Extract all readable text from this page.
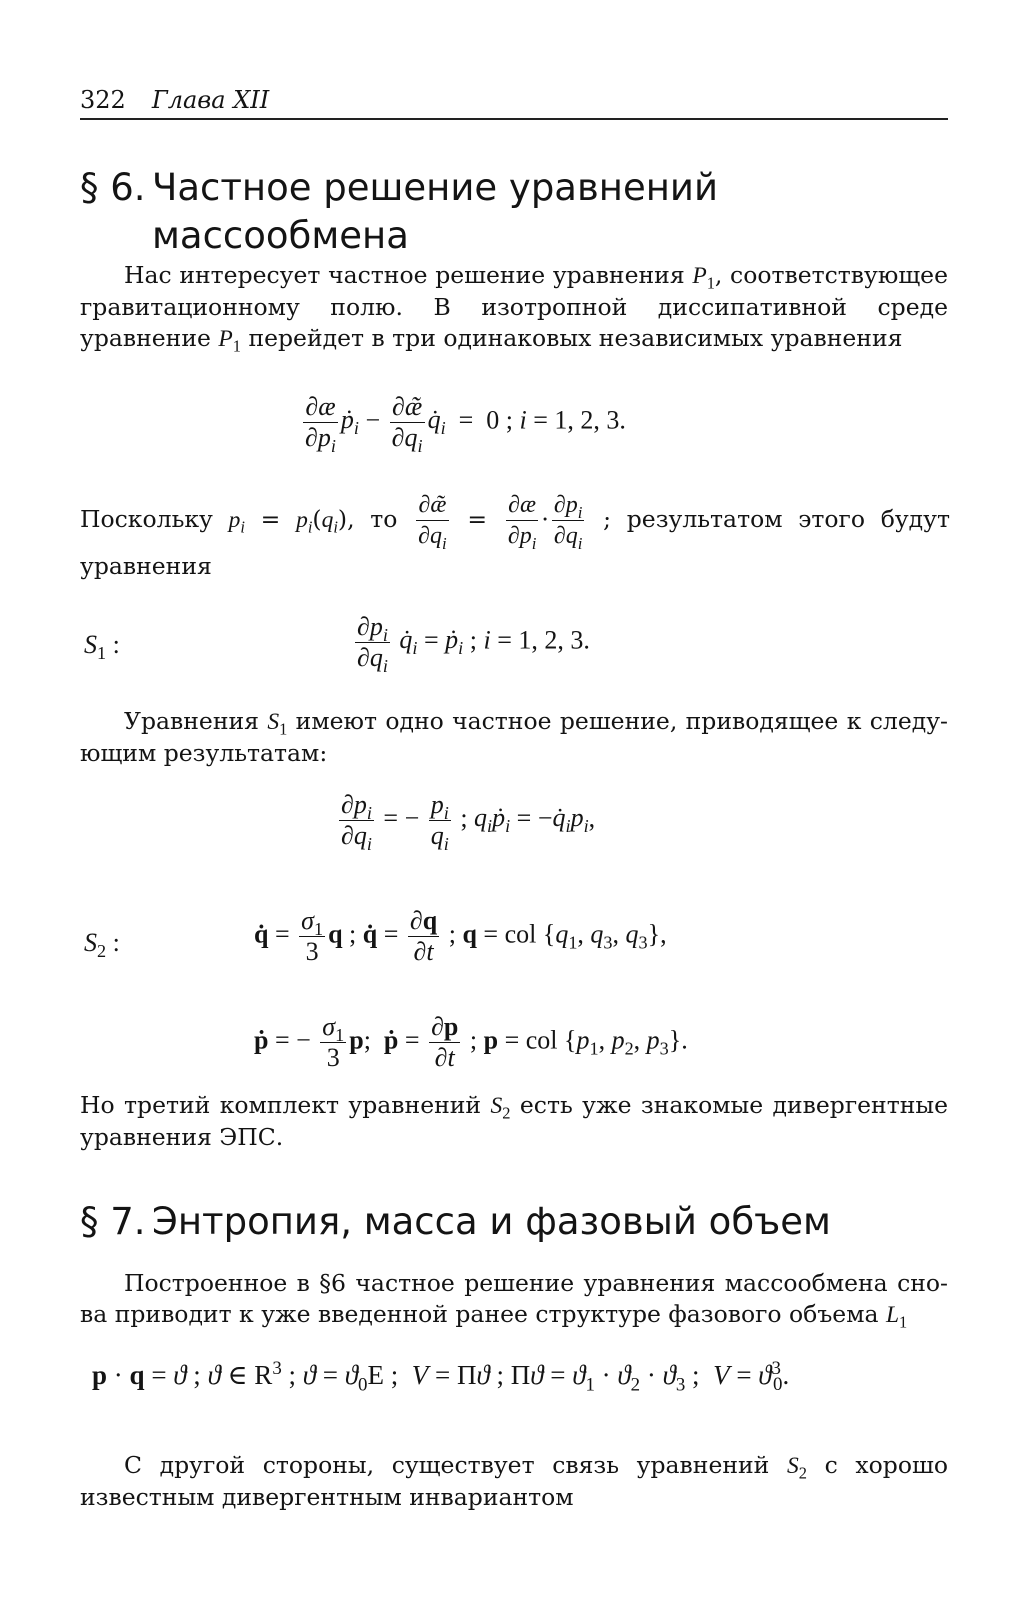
322 Глава XII
§ 6. Частное решение уравнений
массообмена

Нас интересует частное решение уравнения $P_1$, соответствующее гравитационному полю. В изотропной диссипативной среде уравнение $P_1$ перейдет в три одинаковых независимых уравнения

$\frac{\partial æ}{\partial p_i}$ ṗ$_i$ − $\frac{\partial æ̃}{\partial q_i}$ $q̇_i = 0$ ; i = 1, 2, 3.
Поскольку $p_i = p_i(q_i)$, то $\frac{\partial æ̃}{\partial q_i} = \frac{\partial æ}{\partial p_i} \cdot \frac{\partial p_i}{\partial q_i}$ ; результатом этого будут уравнения
$S_1$ :	$\frac{\partial p_i}{\partial q_i}$ $q̇_i$ = ṗ$_i$ ; i = 1, 2, 3.

Уравнения $S_1$ имеют одно частное решение, приводящее к следующим результатам:

$\frac{\partial p_i}{\partial q_i}$ = − $\frac{p_i}{q_i}$ ; $q_iṗ_i$ = $-q̇_ip_i$,
$S_2$ :	q̇ = $\frac{\sigma_1}{3}$ q ; q̇ = $\frac{\partial q}{\partial t}$ ; q = col {$q_1$, $q_3$, $q_3$},
ṗ = − $\frac{\sigma_1}{3} p$;  ṗ = $\frac{\partial p}{\partial t}$ ; p = col {$p_1$, $p_2$, $p_3$}.

Но третий комплект уравнений $S_2$ есть уже знакомые дивергентные уравнения ЭПС.

§ 7. Энтропия, масса и фазовый объем

Построенное в §6 частное решение уравнения массообмена снова приводит к уже введенной ранее структуре фазового объема $L_1$

p · q = ϑ ; ϑ ∈ $R^3$ ; $ϑ = ϑ_0E$ ;  V = Πϑ ; $\Pi ϑ = ϑ_1 \cdot ϑ_2 \cdot ϑ_3$ ;  $V = ϑ^3_0$.

С другой стороны, существует связь уравнений $S_2$ с хорошо известным дивергентным инвариантом
